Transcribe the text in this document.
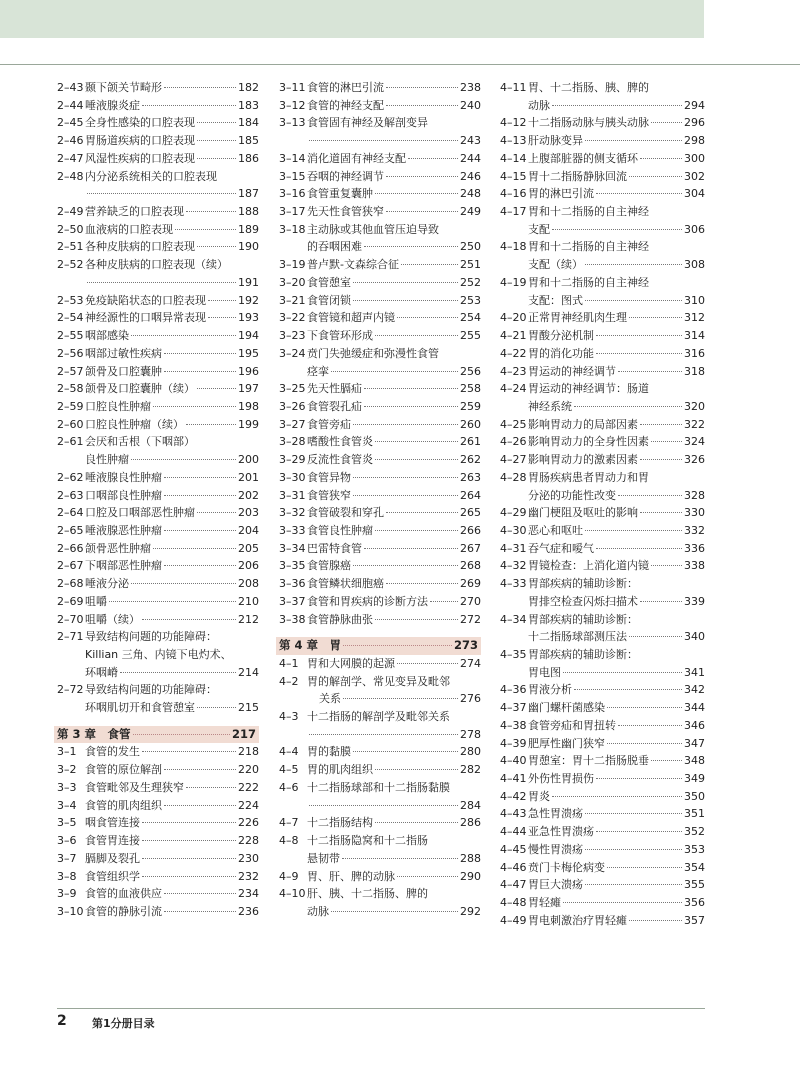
2–43 颞下颌关节畸形	182
2–44 唾液腺炎症	183
2–45 全身性感染的口腔表现	184
2–46 胃肠道疾病的口腔表现	185
2–47 风湿性疾病的口腔表现	186
2–48 内分泌系统相关的口腔表现
187
2–49 营养缺乏的口腔表现	188
2–50 血液病的口腔表现	189
2–51 各种皮肤病的口腔表现	190
2–52 各种皮肤病的口腔表现（续）
191
2–53 免疫缺陷状态的口腔表现	192
2–54 神经源性的口咽异常表现	193
2–55 咽部感染	194
2–56 咽部过敏性疾病	195
2–57 颌骨及口腔囊肿	196
2–58 颌骨及口腔囊肿（续）	197
2–59 口腔良性肿瘤	198
2–60 口腔良性肿瘤（续）	199
2–61 会厌和舌根（下咽部）
良性肿瘤	200
2–62 唾液腺良性肿瘤	201
2–63 口咽部良性肿瘤	202
2–64 口腔及口咽部恶性肿瘤	203
2–65 唾液腺恶性肿瘤	204
2–66 颌骨恶性肿瘤	205
2–67 下咽部恶性肿瘤	206
2–68 唾液分泌	208
2–69 咀嚼	210
2–70 咀嚼（续）	212
2–71 导致结构问题的功能障碍：
Killian 三角、内镜下电灼术、
环咽嵴	214
2–72 导致结构问题的功能障碍：
环咽肌切开和食管憩室	215
第 3 章　食管	217
3–1 食管的发生	218
3–2 食管的原位解剖	220
3–3 食管毗邻及生理狭窄	222
3–4 食管的肌肉组织	224
3–5 咽食管连接	226
3–6 食管胃连接	228
3–7 膈脚及裂孔	230
3–8 食管组织学	232
3–9 食管的血液供应	234
3–10 食管的静脉引流	236
3–11 食管的淋巴引流	238
3–12 食管的神经支配	240
3–13 食管固有神经及解剖变异
243
3–14 消化道固有神经支配	244
3–15 吞咽的神经调节	246
3–16 食管重复囊肿	248
3–17 先天性食管狭窄	249
3–18 主动脉或其他血管压迫导致
的吞咽困难	250
3–19 普卢默-文森综合征	251
3–20 食管憩室	252
3–21 食管闭锁	253
3–22 食管镜和超声内镜	254
3–23 下食管环形成	255
3–24 贲门失弛缓症和弥漫性食管
痉挛	256
3–25 先天性膈疝	258
3–26 食管裂孔疝	259
3–27 食管旁疝	260
3–28 嗜酸性食管炎	261
3–29 反流性食管炎	262
3–30 食管异物	263
3–31 食管狭窄	264
3–32 食管破裂和穿孔	265
3–33 食管良性肿瘤	266
3–34 巴雷特食管	267
3–35 食管腺癌	268
3–36 食管鳞状细胞癌	269
3–37 食管和胃疾病的诊断方法	270
3–38 食管静脉曲张	272
第 4 章　胃	273
4–1 胃和大网膜的起源	274
4–2 胃的解剖学、常见变异及毗邻
关系	276
4–3 十二指肠的解剖学及毗邻关系
278
4–4 胃的黏膜	280
4–5 胃的肌肉组织	282
4–6 十二指肠球部和十二指肠黏膜
284
4–7 十二指肠结构	286
4–8 十二指肠隐窝和十二指肠
悬韧带	288
4–9 胃、肝、脾的动脉	290
4–10 肝、胰、十二指肠、脾的
动脉	292
4–11 胃、十二指肠、胰、脾的
动脉	294
4–12 十二指肠动脉与胰头动脉	296
4–13 肝动脉变异	298
4–14 上腹部脏器的侧支循环	300
4–15 胃十二指肠静脉回流	302
4–16 胃的淋巴引流	304
4–17 胃和十二指肠的自主神经
支配	306
4–18 胃和十二指肠的自主神经
支配（续）	308
4–19 胃和十二指肠的自主神经
支配：图式	310
4–20 正常胃神经肌肉生理	312
4–21 胃酸分泌机制	314
4–22 胃的消化功能	316
4–23 胃运动的神经调节	318
4–24 胃运动的神经调节：肠道
神经系统	320
4–25 影响胃动力的局部因素	322
4–26 影响胃动力的全身性因素	324
4–27 影响胃动力的激素因素	326
4–28 胃肠疾病患者胃动力和胃
分泌的功能性改变	328
4–29 幽门梗阻及呕吐的影响	330
4–30 恶心和呕吐	332
4–31 吞气症和嗳气	336
4–32 胃镜检查：上消化道内镜	338
4–33 胃部疾病的辅助诊断：
胃排空检查闪烁扫描术	339
4–34 胃部疾病的辅助诊断：
十二指肠球部测压法	340
4–35 胃部疾病的辅助诊断：
胃电图	341
4–36 胃液分析	342
4–37 幽门螺杆菌感染	344
4–38 食管旁疝和胃扭转	346
4–39 肥厚性幽门狭窄	347
4–40 胃憩室：胃十二指肠脱垂	348
4–41 外伤性胃损伤	349
4–42 胃炎	350
4–43 急性胃溃疡	351
4–44 亚急性胃溃疡	352
4–45 慢性胃溃疡	353
4–46 贲门卡梅伦病变	354
4–47 胃巨大溃疡	355
4–48 胃轻瘫	356
4–49 胃电刺激治疗胃轻瘫	357
2 第1分册目录
